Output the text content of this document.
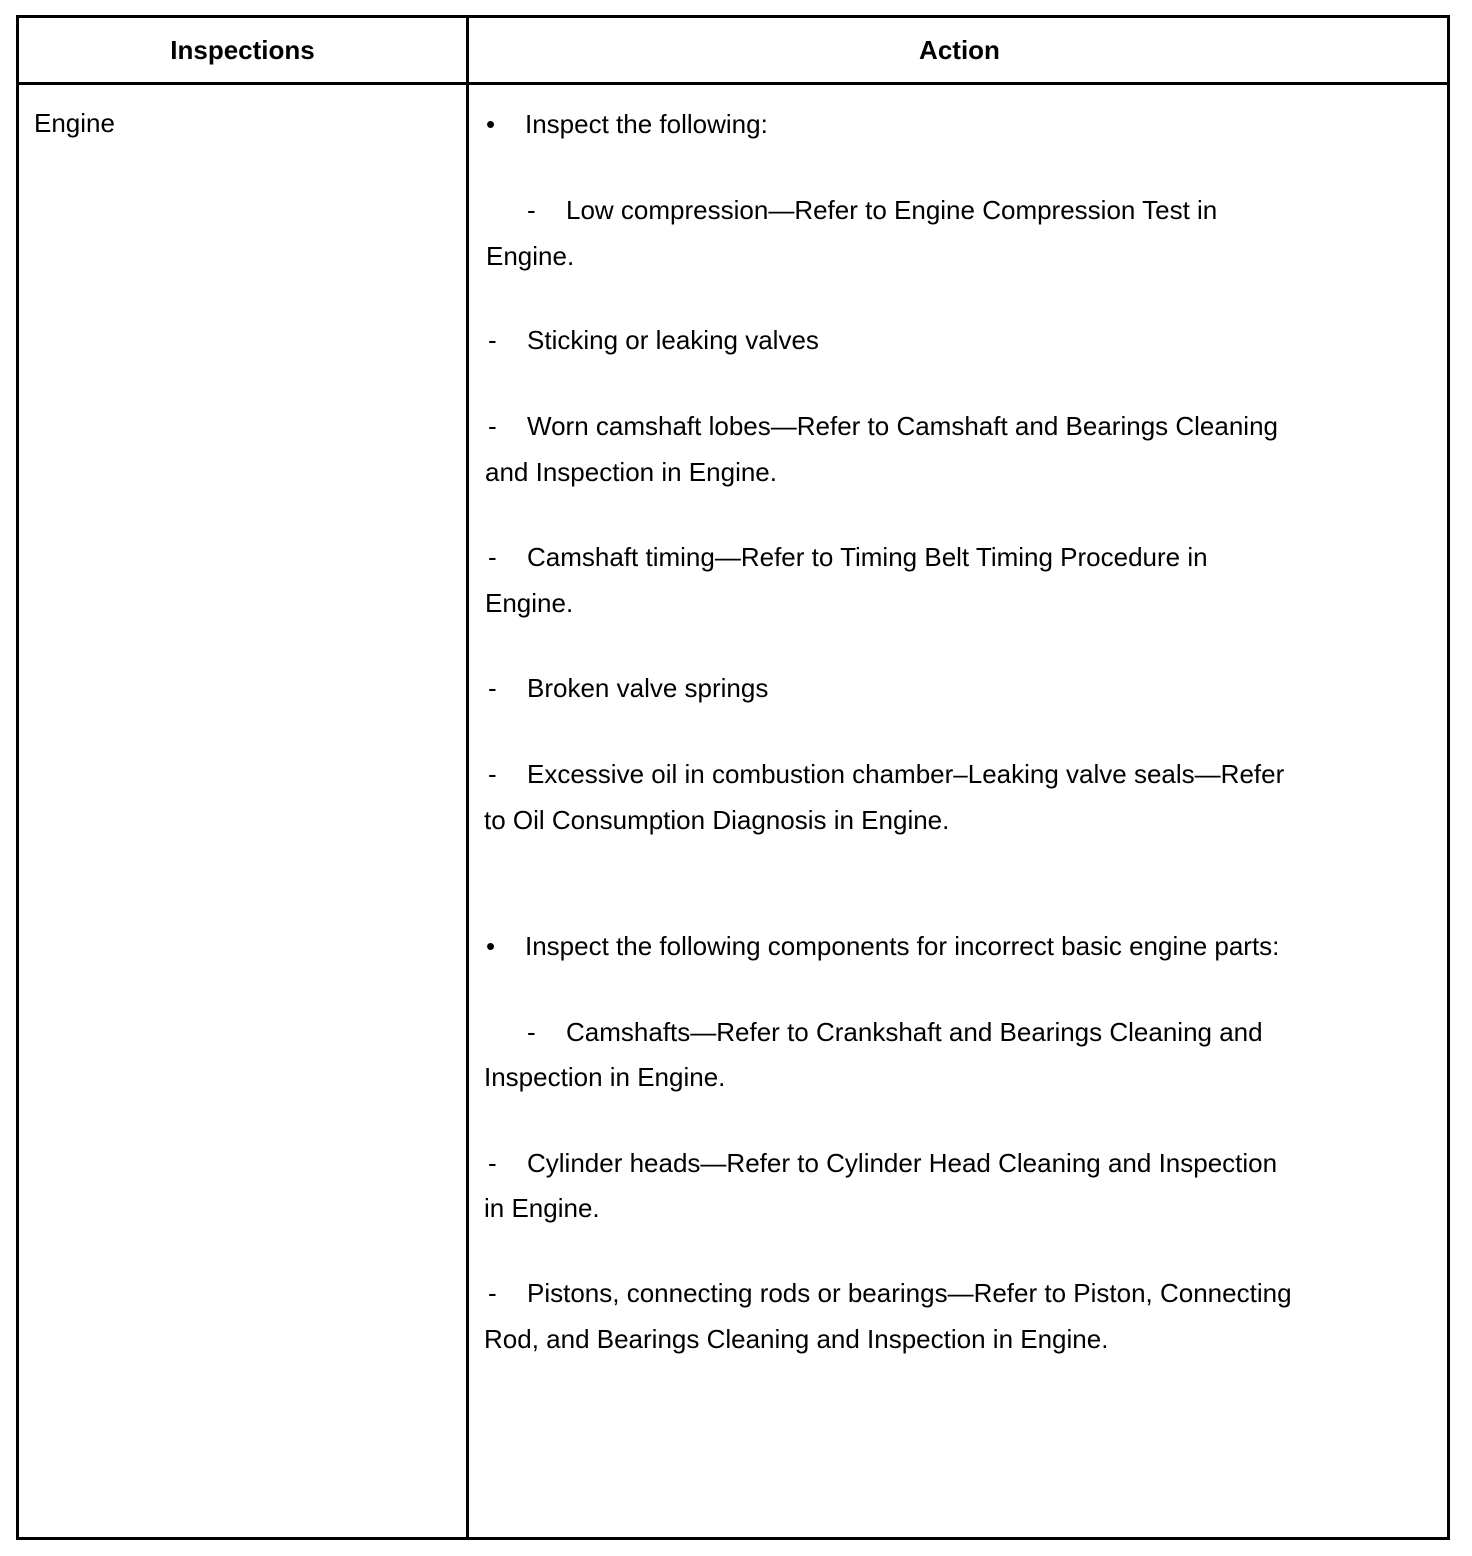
Inspections	Action
Engine	• Inspect the following:
- Low compression—Refer to Engine Compression Test in
Engine.
- Sticking or leaking valves
- Worn camshaft lobes—Refer to Camshaft and Bearings Cleaning
and Inspection in Engine.
- Camshaft timing—Refer to Timing Belt Timing Procedure in
Engine.
- Broken valve springs
- Excessive oil in combustion chamber–Leaking valve seals—Refer
to Oil Consumption Diagnosis in Engine.
• Inspect the following components for incorrect basic engine parts:
- Camshafts—Refer to Crankshaft and Bearings Cleaning and
Inspection in Engine.
- Cylinder heads—Refer to Cylinder Head Cleaning and Inspection
in Engine.
- Pistons, connecting rods or bearings—Refer to Piston, Connecting
Rod, and Bearings Cleaning and Inspection in Engine.
